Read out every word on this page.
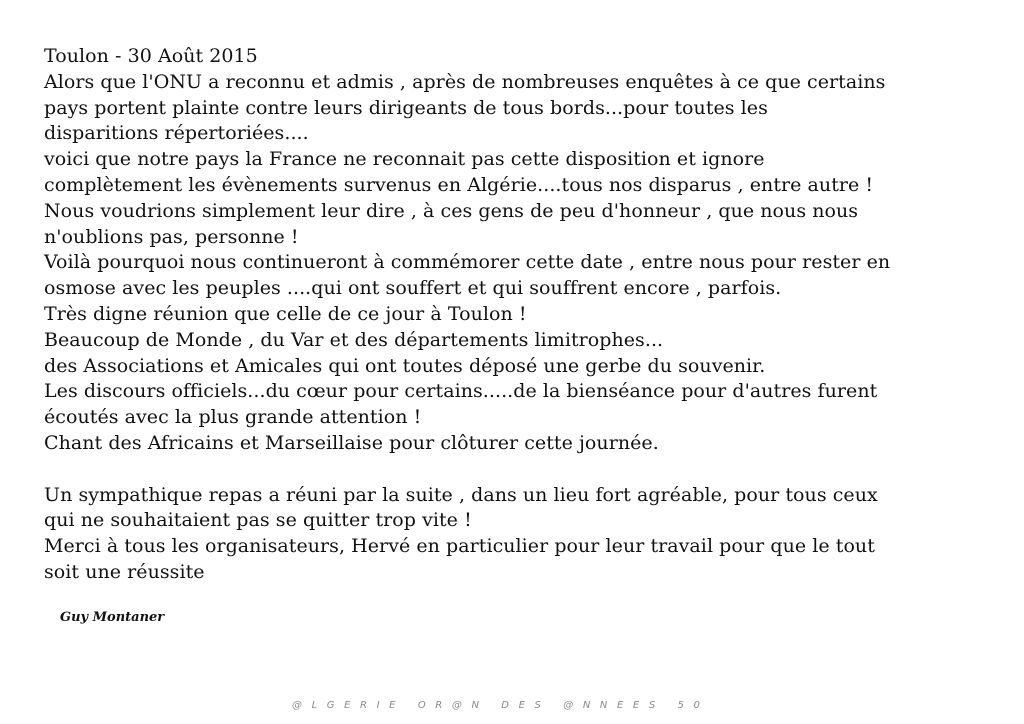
Toulon - 30 Août 2015
Alors que l'ONU a reconnu et admis , après de nombreuses enquêtes à ce que certains
pays portent plainte contre leurs dirigeants de tous bords...pour toutes les
disparitions répertoriées....
voici que notre pays la France ne reconnait pas cette disposition et ignore
complètement les évènements survenus en Algérie....tous nos disparus , entre autre !
Nous voudrions simplement leur dire , à ces gens de peu d'honneur , que nous nous
n'oublions pas, personne !
Voilà pourquoi nous continueront à commémorer cette date , entre nous pour rester en
osmose avec les peuples ....qui ont souffert et qui souffrent encore , parfois.
Très digne réunion que celle de ce jour à Toulon !
Beaucoup de Monde , du Var et des départements limitrophes...
des Associations et Amicales qui ont toutes déposé une gerbe du souvenir.
Les discours officiels...du cœur pour certains.....de la bienséance pour d'autres furent
écoutés avec la plus grande attention !
Chant des Africains et Marseillaise pour clôturer cette journée.
Un sympathique repas a réuni par la suite , dans un lieu fort agréable, pour tous ceux
qui ne souhaitaient pas se quitter trop vite !
Merci à tous les organisateurs, Hervé en particulier pour leur travail pour que le tout
soit une réussite
Guy Montaner
@LGERIE OR@N DES @NNEES 50
